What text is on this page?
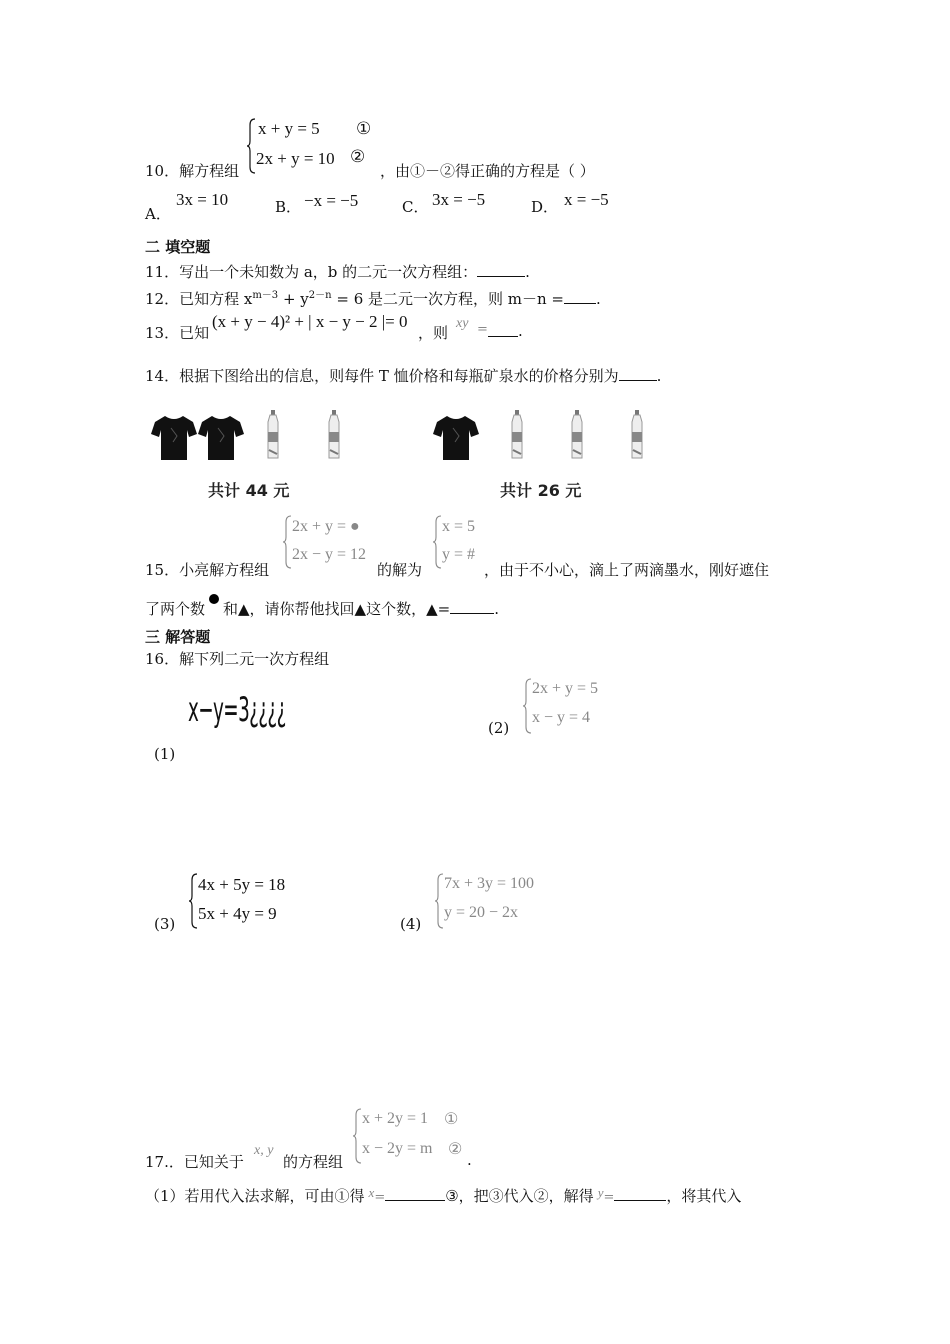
x + y = 5 ①
2x + y = 10 ②
10．解方程组	，由①－②得正确的方程是（ ）
A．
3x = 10	B． −x = −5	C． 3x = −5	D． x = −5
二 填空题
11．写出一个未知数为 a，b 的二元一次方程组：	.
12．已知方程 $x^{m-3} + y^{2-n} = 6$ 是二元一次方程，则 m－n = .
13．已知
(x + y − 4)² + | x − y − 2 |= 0
，则
xy = .
14．根据下图给出的信息，则每件 T 恤价格和每瓶矿泉水的价格分别为	.
共计 44 元	共计 26 元
2x + y = ●
2x − y = 12
x = 5
y = #
15．小亮解方程组	的解为	，由于不小心，滴上了两滴墨水，刚好遮住
了两个数 和▲，请你帮他找回▲这个数，▲=	.
三 解答题
16．解下列二元一次方程组
x−y=3¿¿¿¿
(1)
2x + y = 5
x − y = 4
(2)
4x + 5y = 18
5x + 4y = 9
(3)
7x + 3y = 100
y = 20 − 2x
(4)
x + 2y = 1 ①
x − 2y = m ②
17.．已知关于
x, y
的方程组	.
（1）若用代入法求解，可由①得 x=	③，把③代入②，解得 y=	，将其代入
